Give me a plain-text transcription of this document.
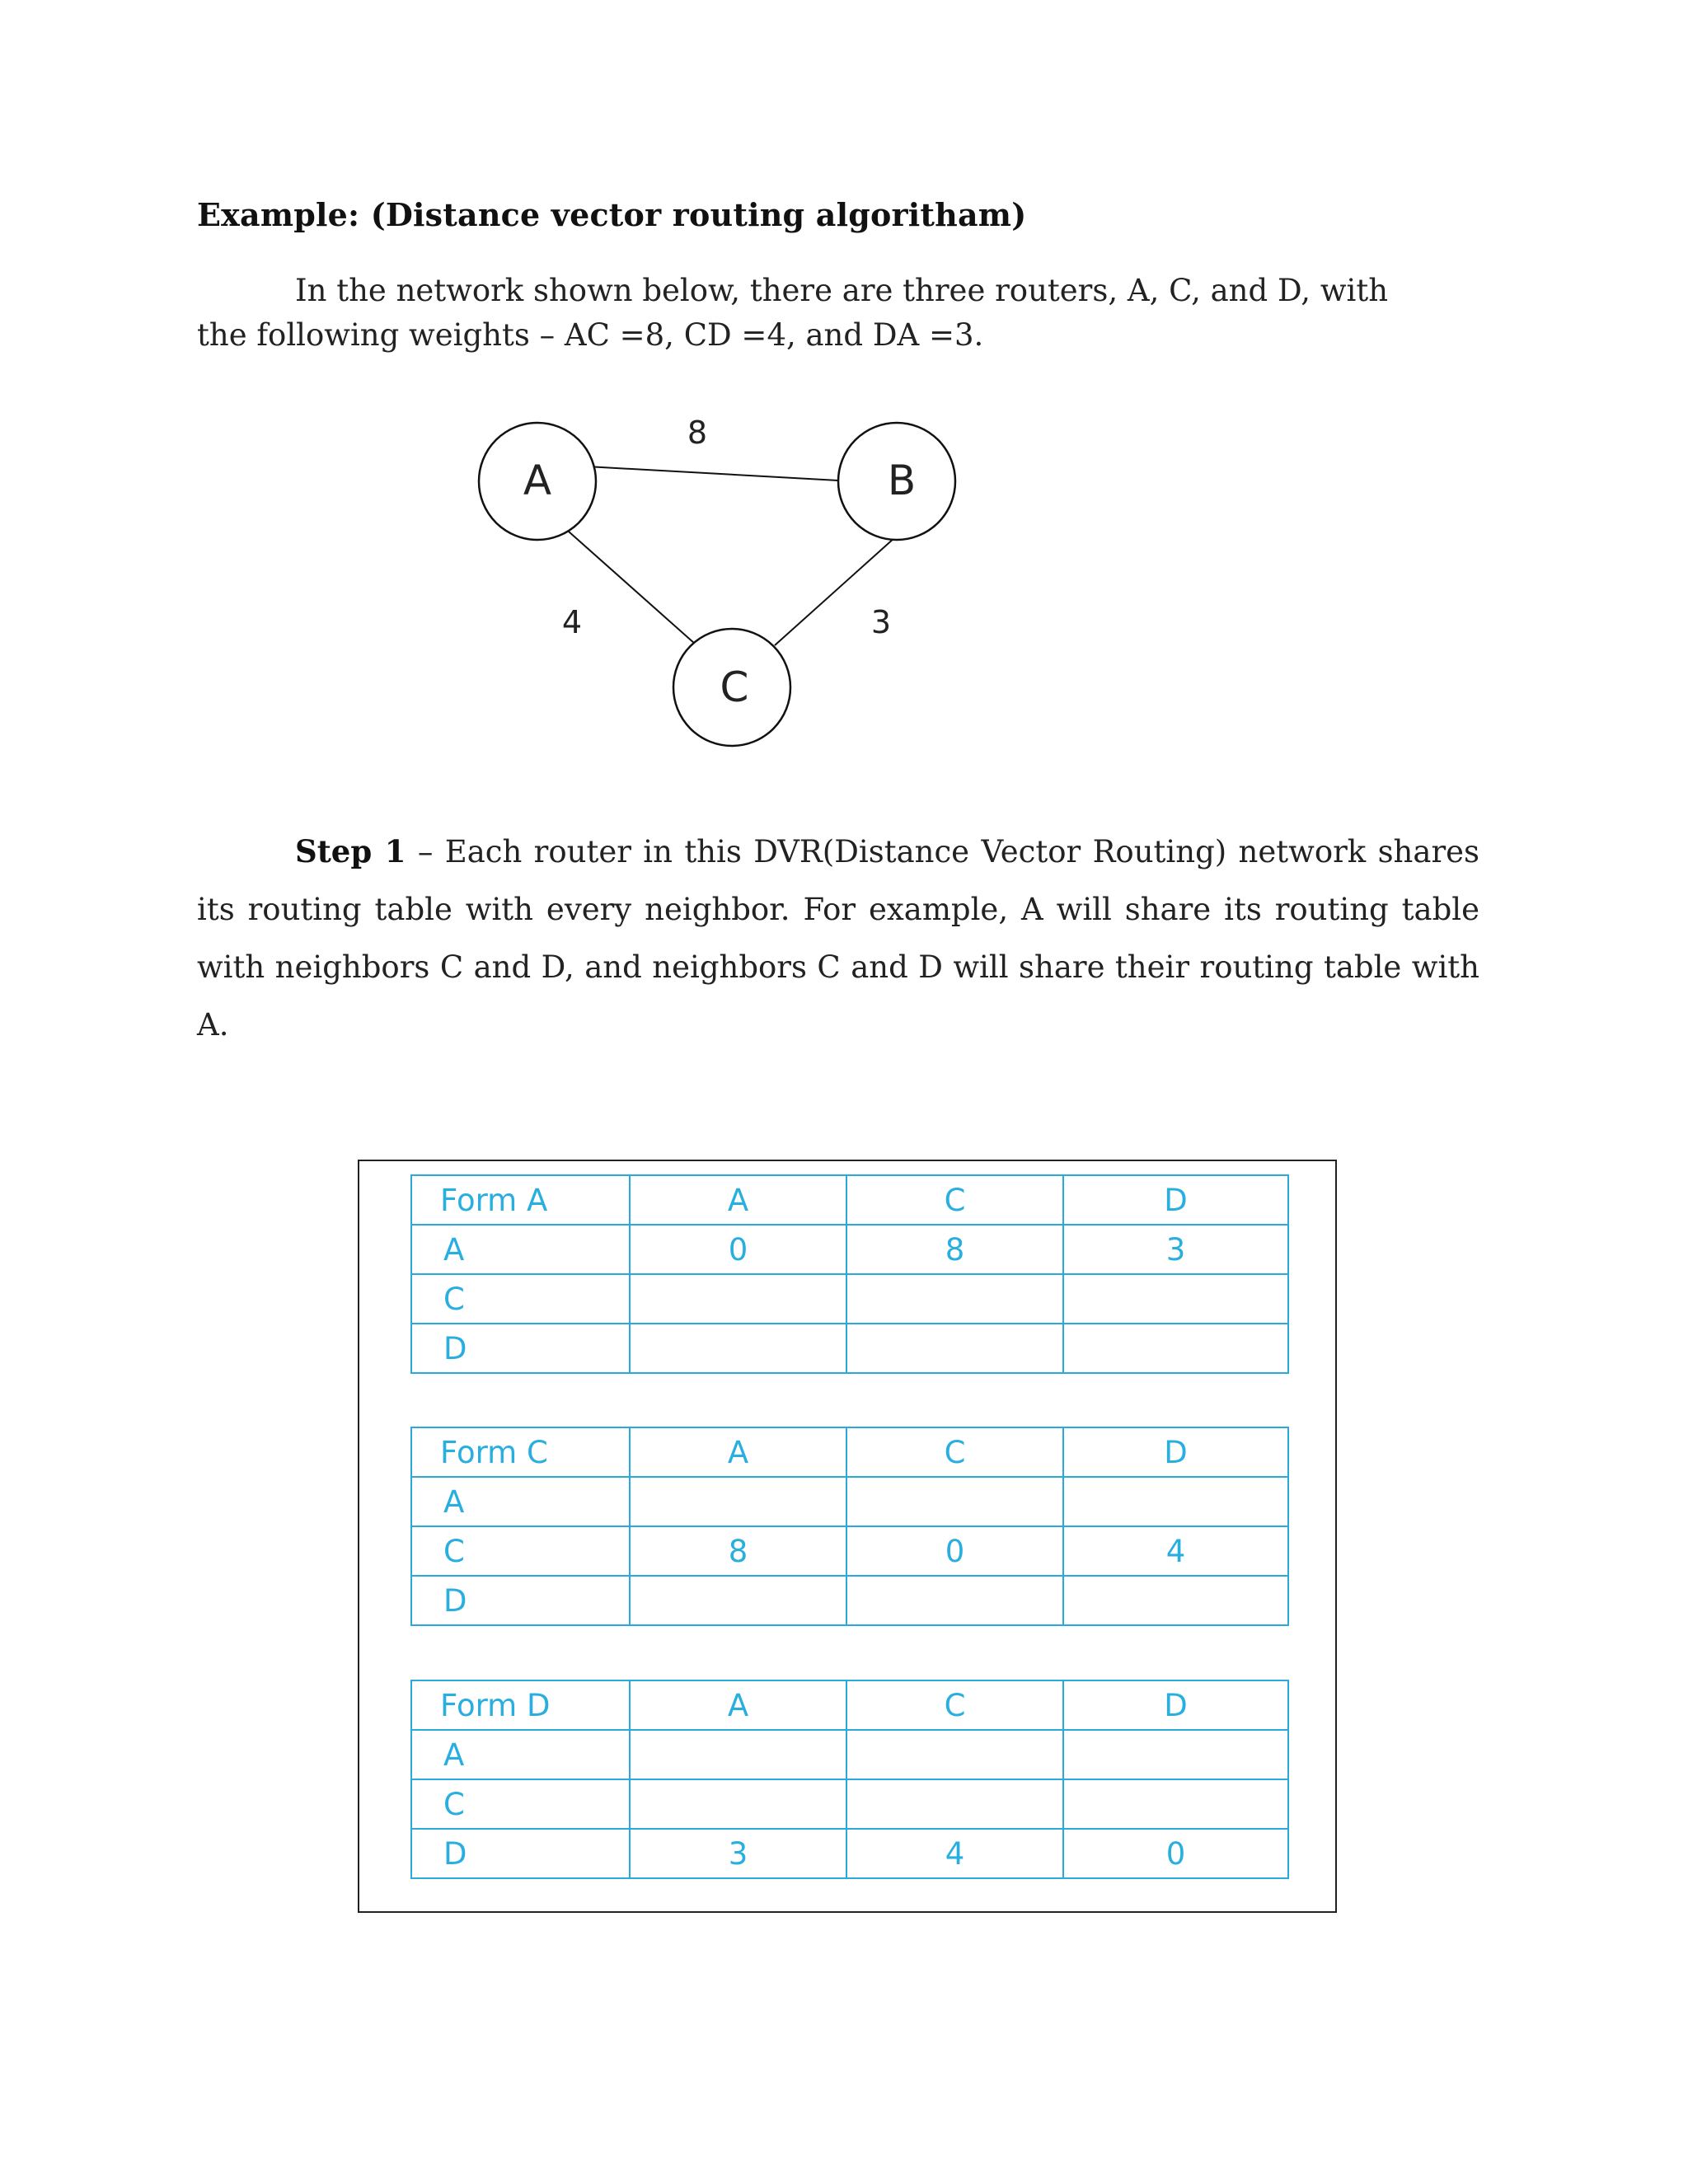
Example: (Distance vector routing algoritham)
In the network shown below, there are three routers, A, C, and D, with
the following weights – AC =8, CD =4, and DA =3.
A	B
C
8
4	3
Step 1 – Each router in this DVR(Distance Vector Routing) network shares its routing table with every neighbor. For example, A will share its routing table with neighbors C and D, and neighbors C and D will share their routing table with A.
Form A	A	C	D
A	0	8	3
C			
D			
Form C	A	C	D
A			
C	8	0	4
D			
Form D	A	C	D
A			
C			
D	3	4	0
